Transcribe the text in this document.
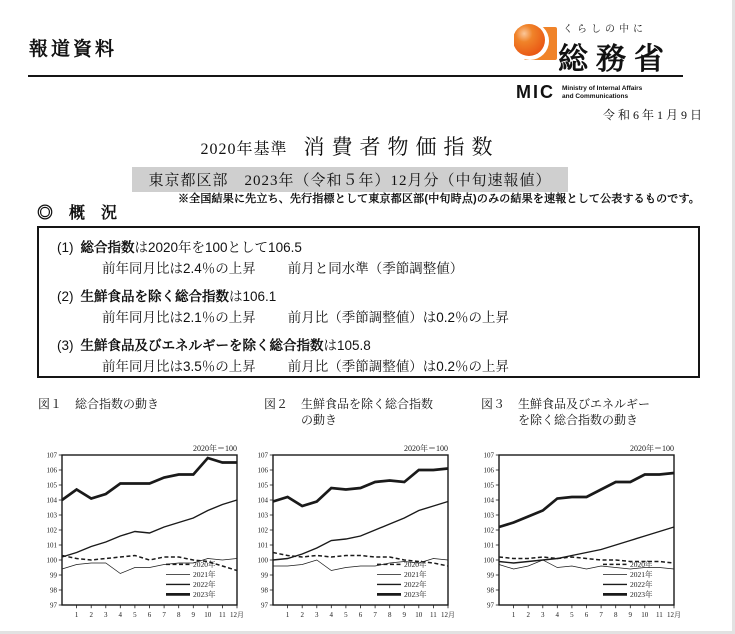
報道資料
くらしの中に
総務省
MIC Ministry of Internal Affairs
and Communications
令和6年1月9日
2020年基準 消費者物価指数
東京都区部　2023年（令和５年）12月分（中旬速報値）
※全国結果に先立ち、先行指標として東京都区部(中旬時点)のみの結果を速報として公表するものです。
◎　概　況
(1) 総合指数は2020年を100として106.5
前年同月比は2.4％の上昇 前月と同水準（季節調整値）
(2) 生鮮食品を除く総合指数は106.1
前年同月比は2.1％の上昇 前月比（季節調整値）は0.2％の上昇
(3) 生鮮食品及びエネルギーを除く総合指数は105.8
前年同月比は3.5％の上昇 前月比（季節調整値）は0.2％の上昇
図１	総合指数の動き	図２	生鮮食品を除く総合指数
の動き
図３	生鮮食品及びエネルギー
を除く総合指数の動き
2020年＝100
97
98
99
100
101
102
103
104
105
106
107
1 2 3 4 5 6 7 8 9 10 11 12月
2020年
2021年
2022年
2023年
2020年＝100
97
98
99
100
101
102
103
104
105
106
107
1 2 3 4 5 6 7 8 9 10 11 12月
2020年
2021年
2022年
2023年
2020年＝100
97
98
99
100
101
102
103
104
105
106
107
1 2 3 4 5 6 7 8 9 10 11 12月
2020年
2021年
2022年
2023年
